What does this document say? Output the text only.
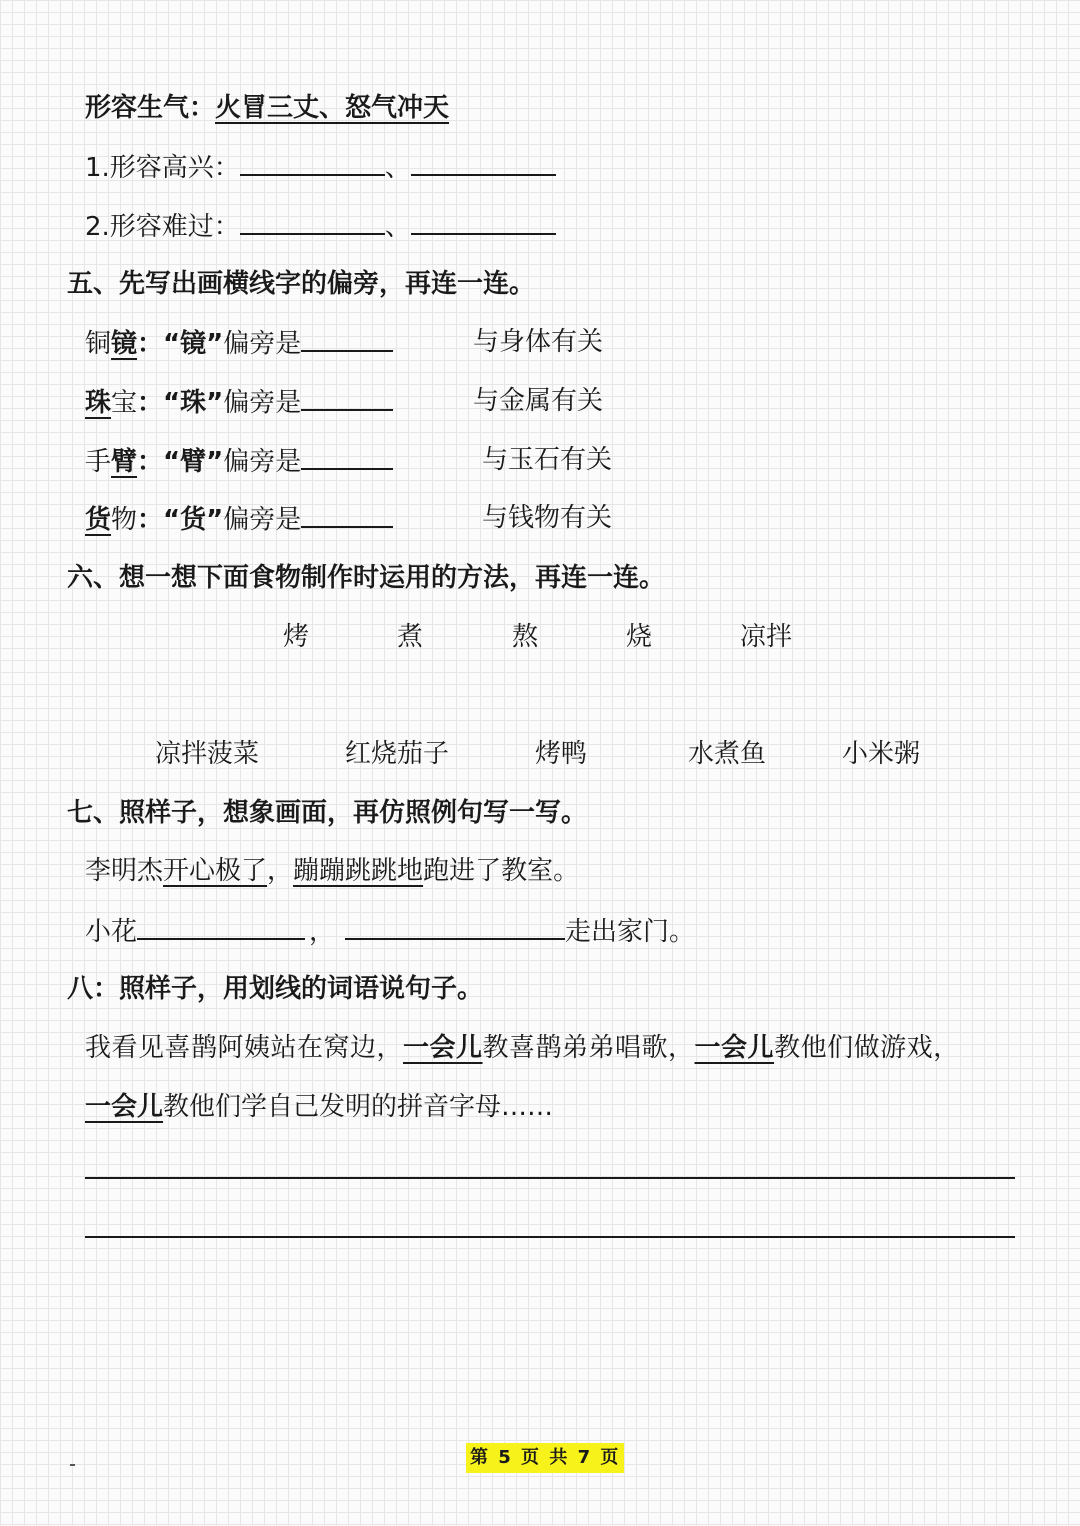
形容生气：火冒三丈、怒气冲天
1.形容高兴：	、
2.形容难过：	、
五、先写出画横线字的偏旁，再连一连。
铜镜：“镜”偏旁是	与身体有关
珠宝：“珠”偏旁是	与金属有关
手臂：“臂”偏旁是	与玉石有关
货物：“货”偏旁是	与钱物有关
六、想一想下面食物制作时运用的方法，再连一连。
烤	煮	熬	烧	凉拌
凉拌菠菜	红烧茄子	烤鸭	水煮鱼	小米粥
七、照样子，想象画面，再仿照例句写一写。
李明杰开心极了，蹦蹦跳跳地跑进了教室。
小花	，	走出家门。
八：照样子，用划线的词语说句子。
我看见喜鹊阿姨站在窝边，一会儿教喜鹊弟弟唱歌，一会儿教他们做游戏，
一会儿教他们学自己发明的拼音字母……
第 5 页 共 7 页
